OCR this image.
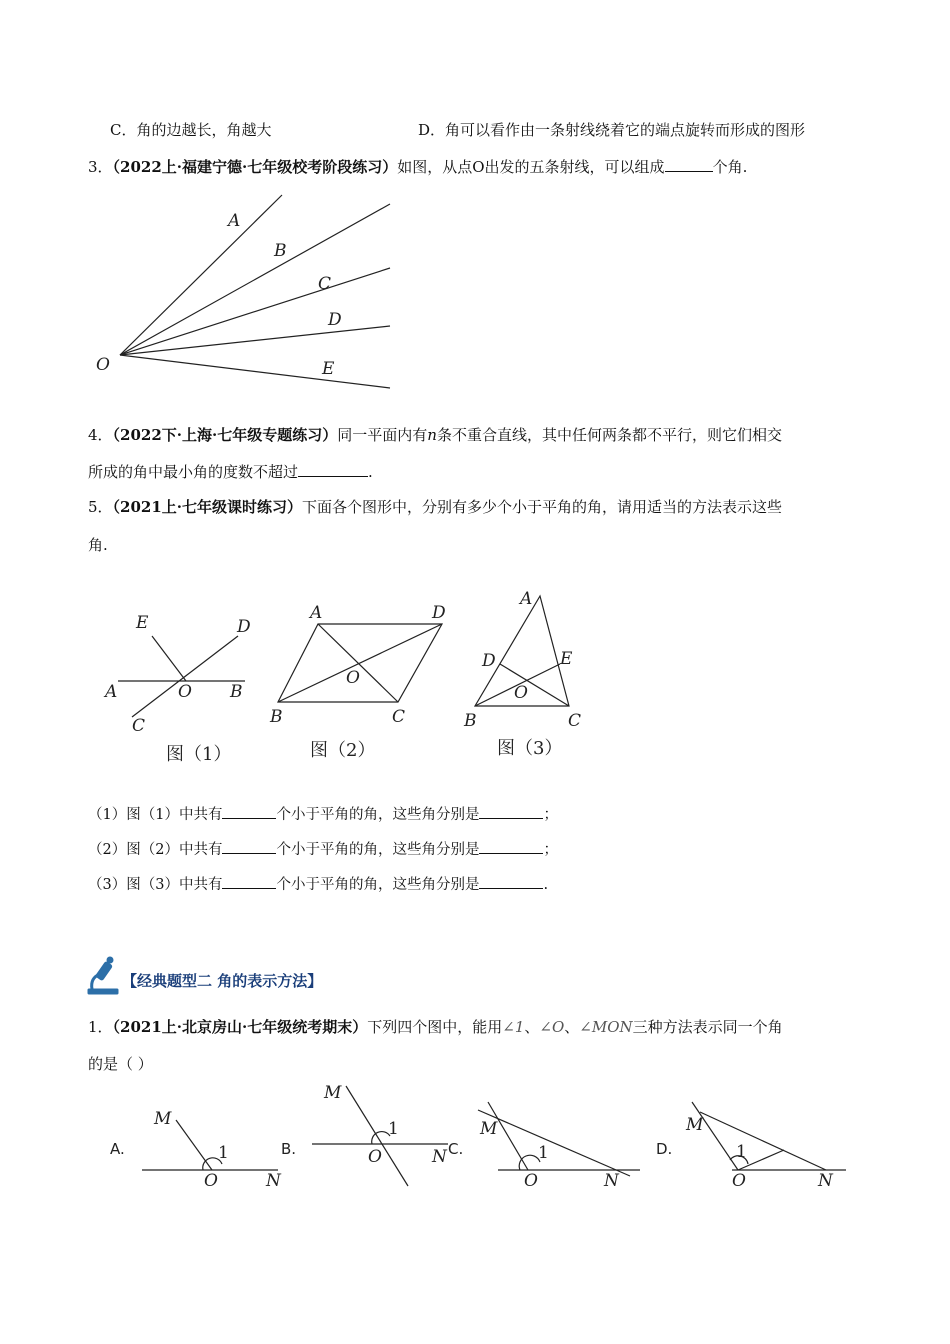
C．角的边越长，角越大	D．角可以看作由一条射线绕着它的端点旋转而形成的图形
3．（2022上·福建宁德·七年级校考阶段练习）如图，从点O出发的五条射线，可以组成	个角.
A
B
C
D
E
O
4．（2022下·上海·七年级专题练习）同一平面内有n条不重合直线，其中任何两条都不平行，则它们相交
所成的角中最小角的度数不超过	.
5．（2021上·七年级课时练习）下面各个图形中，分别有多少个小于平角的角，请用适当的方法表示这些
角.
E	D
A	O B
C
图（1）
A	D
O
B	C
图（2）
A
D	E
O
B	C
图（3）
（1）图（1）中共有	个小于平角的角，这些角分别是	；
（2）图（2）中共有	个小于平角的角，这些角分别是	；
（3）图（3）中共有	个小于平角的角，这些角分别是	.
【经典题型二 角的表示方法】
1．（2021上·北京房山·七年级统考期末）下列四个图中，能用∠1、∠O、∠MON三种方法表示同一个角
的是（ ）
A.
M
1
O	N
B.
M
1
O	N C.
M
1
O	N
D.
M
1
O	N
